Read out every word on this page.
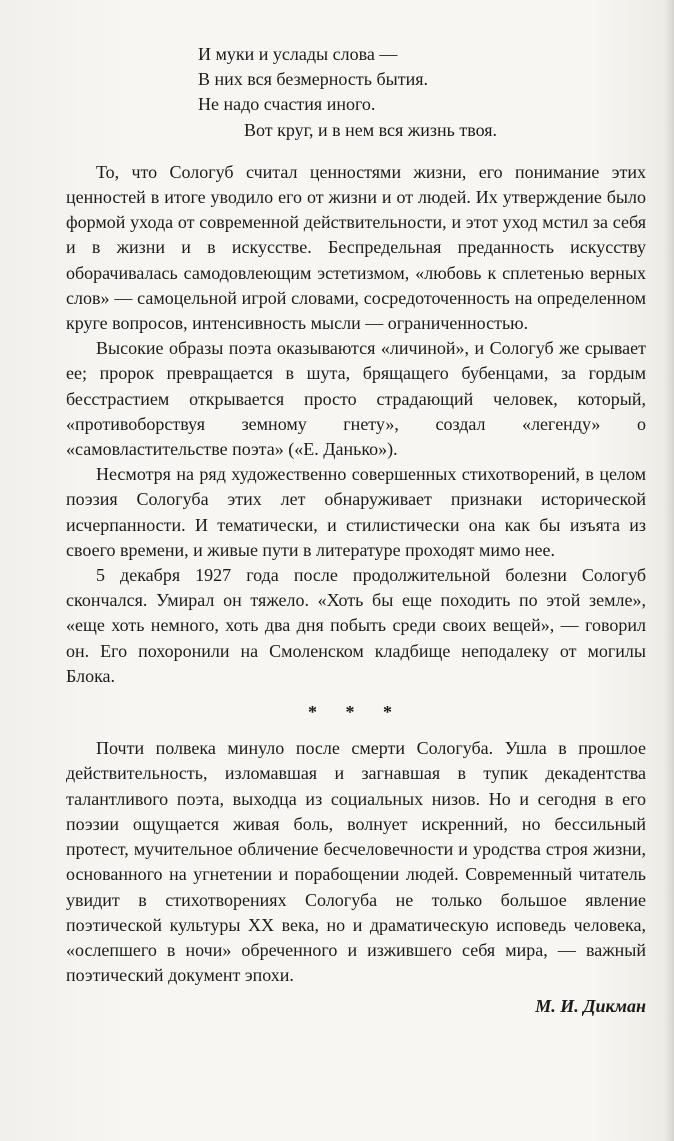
И муки и услады слова —
В них вся безмерность бытия.
Не надо счастия иного.
Вот круг, и в нем вся жизнь твоя.

То, что Сологуб считал ценностями жизни, его понимание этих ценностей в итоге уводило его от жизни и от людей. Их утверждение было формой ухода от современной действительности, и этот уход мстил за себя и в жизни и в искусстве. Беспредельная преданность искусству оборачивалась самодовлеющим эстетизмом, «любовь к сплетенью верных слов» — самоцельной игрой словами, сосредоточенность на определенном круге вопросов, интенсивность мысли — ограниченностью.

Высокие образы поэта оказываются «личиной», и Сологуб же срывает ее; пророк превращается в шута, брящащего бубенцами, за гордым бесстрастием открывается просто страдающий человек, который, «противоборствуя земному гнету», создал «легенду» о «самовластительстве поэта» («Е. Данько»).

Несмотря на ряд художественно совершенных стихотворений, в целом поэзия Сологуба этих лет обнаруживает признаки исторической исчерпанности. И тематически, и стилистически она как бы изъята из своего времени, и живые пути в литературе проходят мимо нее.

5 декабря 1927 года после продолжительной болезни Сологуб скончался. Умирал он тяжело. «Хоть бы еще походить по этой земле», «еще хоть немного, хоть два дня побыть среди своих вещей», — говорил он. Его похоронили на Смоленском кладбище неподалеку от могилы Блока.

* * *

Почти полвека минуло после смерти Сологуба. Ушла в прошлое действительность, изломавшая и загнавшая в тупик декадентства талантливого поэта, выходца из социальных низов. Но и сегодня в его поэзии ощущается живая боль, волнует искренний, но бессильный протест, мучительное обличение бесчеловечности и уродства строя жизни, основанного на угнетении и порабощении людей. Современный читатель увидит в стихотворениях Сологуба не только большое явление поэтической культуры XX века, но и драматическую исповедь человека, «ослепшего в ночи» обреченного и изжившего себя мира, — важный поэтический документ эпохи.

М. И. Дикман
